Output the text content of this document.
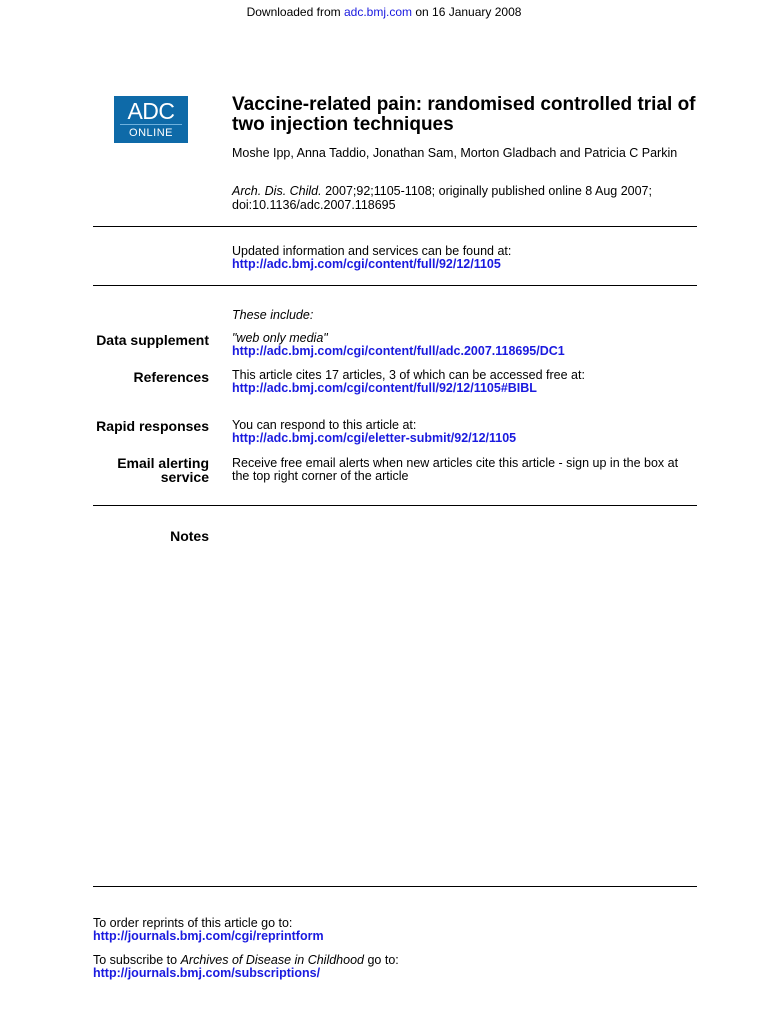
Downloaded from adc.bmj.com on 16 January 2008
ADC
ONLINE
Vaccine-related pain: randomised controlled trial of two injection techniques
Moshe Ipp, Anna Taddio, Jonathan Sam, Morton Gladbach and Patricia C Parkin
Arch. Dis. Child. 2007;92;1105-1108; originally published online 8 Aug 2007;
doi:10.1136/adc.2007.118695
Updated information and services can be found at:
http://adc.bmj.com/cgi/content/full/92/12/1105
These include:
Data supplement "web only media"
http://adc.bmj.com/cgi/content/full/adc.2007.118695/DC1
References This article cites 17 articles, 3 of which can be accessed free at:
http://adc.bmj.com/cgi/content/full/92/12/1105#BIBL
Rapid responses You can respond to this article at:
http://adc.bmj.com/cgi/eletter-submit/92/12/1105
Email alerting
service
Receive free email alerts when new articles cite this article - sign up in the box at the top right corner of the article
Notes
To order reprints of this article go to:
http://journals.bmj.com/cgi/reprintform
To subscribe to Archives of Disease in Childhood go to:
http://journals.bmj.com/subscriptions/
